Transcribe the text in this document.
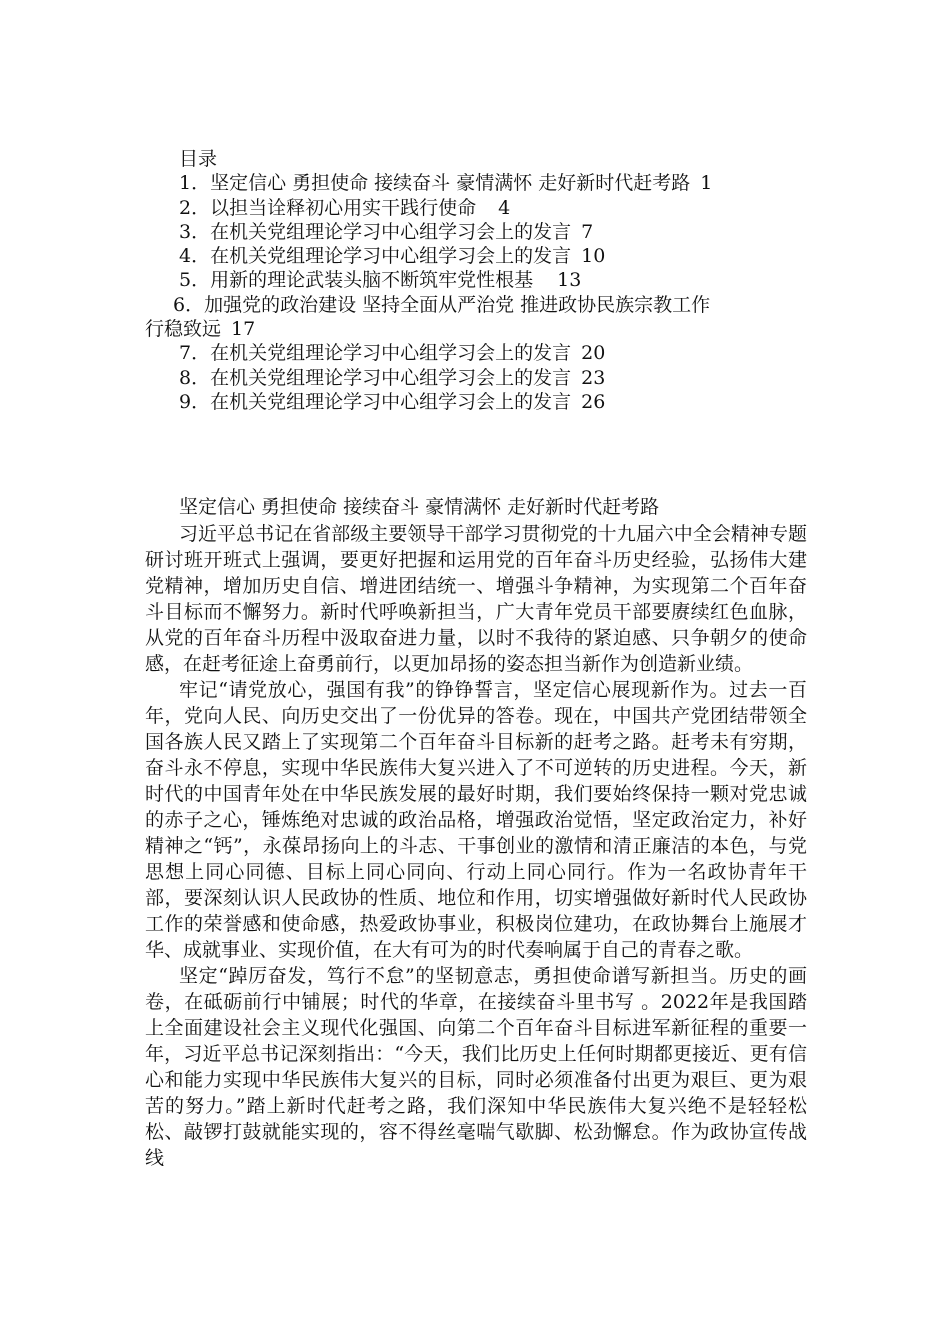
目录
1．坚定信心 勇担使命 接续奋斗 豪情满怀 走好新时代赶考路 1
2．以担当诠释初心用实干践行使命 4
3．在机关党组理论学习中心组学习会上的发言 7
4．在机关党组理论学习中心组学习会上的发言 10
5．用新的理论武装头脑不断筑牢党性根基 13
6．加强党的政治建设 坚持全面从严治党 推进政协民族宗教工作
行稳致远 17
7．在机关党组理论学习中心组学习会上的发言 20
8．在机关党组理论学习中心组学习会上的发言 23
9．在机关党组理论学习中心组学习会上的发言 26
坚定信心 勇担使命 接续奋斗 豪情满怀 走好新时代赶考路

习近平总书记在省部级主要领导干部学习贯彻党的十九届六中全会精神专题研讨班开班式上强调，要更好把握和运用党的百年奋斗历史经验，弘扬伟大建党精神，增加历史自信、增进团结统一、增强斗争精神，为实现第二个百年奋斗目标而不懈努力。新时代呼唤新担当，广大青年党员干部要赓续红色血脉，从党的百年奋斗历程中汲取奋进力量，以时不我待的紧迫感、只争朝夕的使命感，在赶考征途上奋勇前行，以更加昂扬的姿态担当新作为创造新业绩。

牢记“请党放心，强国有我”的铮铮誓言，坚定信心展现新作为。过去一百年，党向人民、向历史交出了一份优异的答卷。现在，中国共产党团结带领全国各族人民又踏上了实现第二个百年奋斗目标新的赶考之路。赶考未有穷期，奋斗永不停息，实现中华民族伟大复兴进入了不可逆转的历史进程。今天，新时代的中国青年处在中华民族发展的最好时期，我们要始终保持一颗对党忠诚的赤子之心，锤炼绝对忠诚的政治品格，增强政治觉悟，坚定政治定力，补好精神之“钙”，永葆昂扬向上的斗志、干事创业的激情和清正廉洁的本色，与党思想上同心同德、目标上同心同向、行动上同心同行。作为一名政协青年干部，要深刻认识人民政协的性质、地位和作用，切实增强做好新时代人民政协工作的荣誉感和使命感，热爱政协事业，积极岗位建功，在政协舞台上施展才华、成就事业、实现价值，在大有可为的时代奏响属于自己的青春之歌。

坚定“踔厉奋发，笃行不怠”的坚韧意志，勇担使命谱写新担当。历史的画卷，在砥砺前行中铺展；时代的华章，在接续奋斗里书写 。2022年是我国踏上全面建设社会主义现代化强国、向第二个百年奋斗目标进军新征程的重要一年，习近平总书记深刻指出：“今天，我们比历史上任何时期都更接近、更有信心和能力实现中华民族伟大复兴的目标，同时必须准备付出更为艰巨、更为艰苦的努力。”踏上新时代赶考之路，我们深知中华民族伟大复兴绝不是轻轻松松、敲锣打鼓就能实现的，容不得丝毫喘气歇脚、松劲懈怠。作为政协宣传战线
